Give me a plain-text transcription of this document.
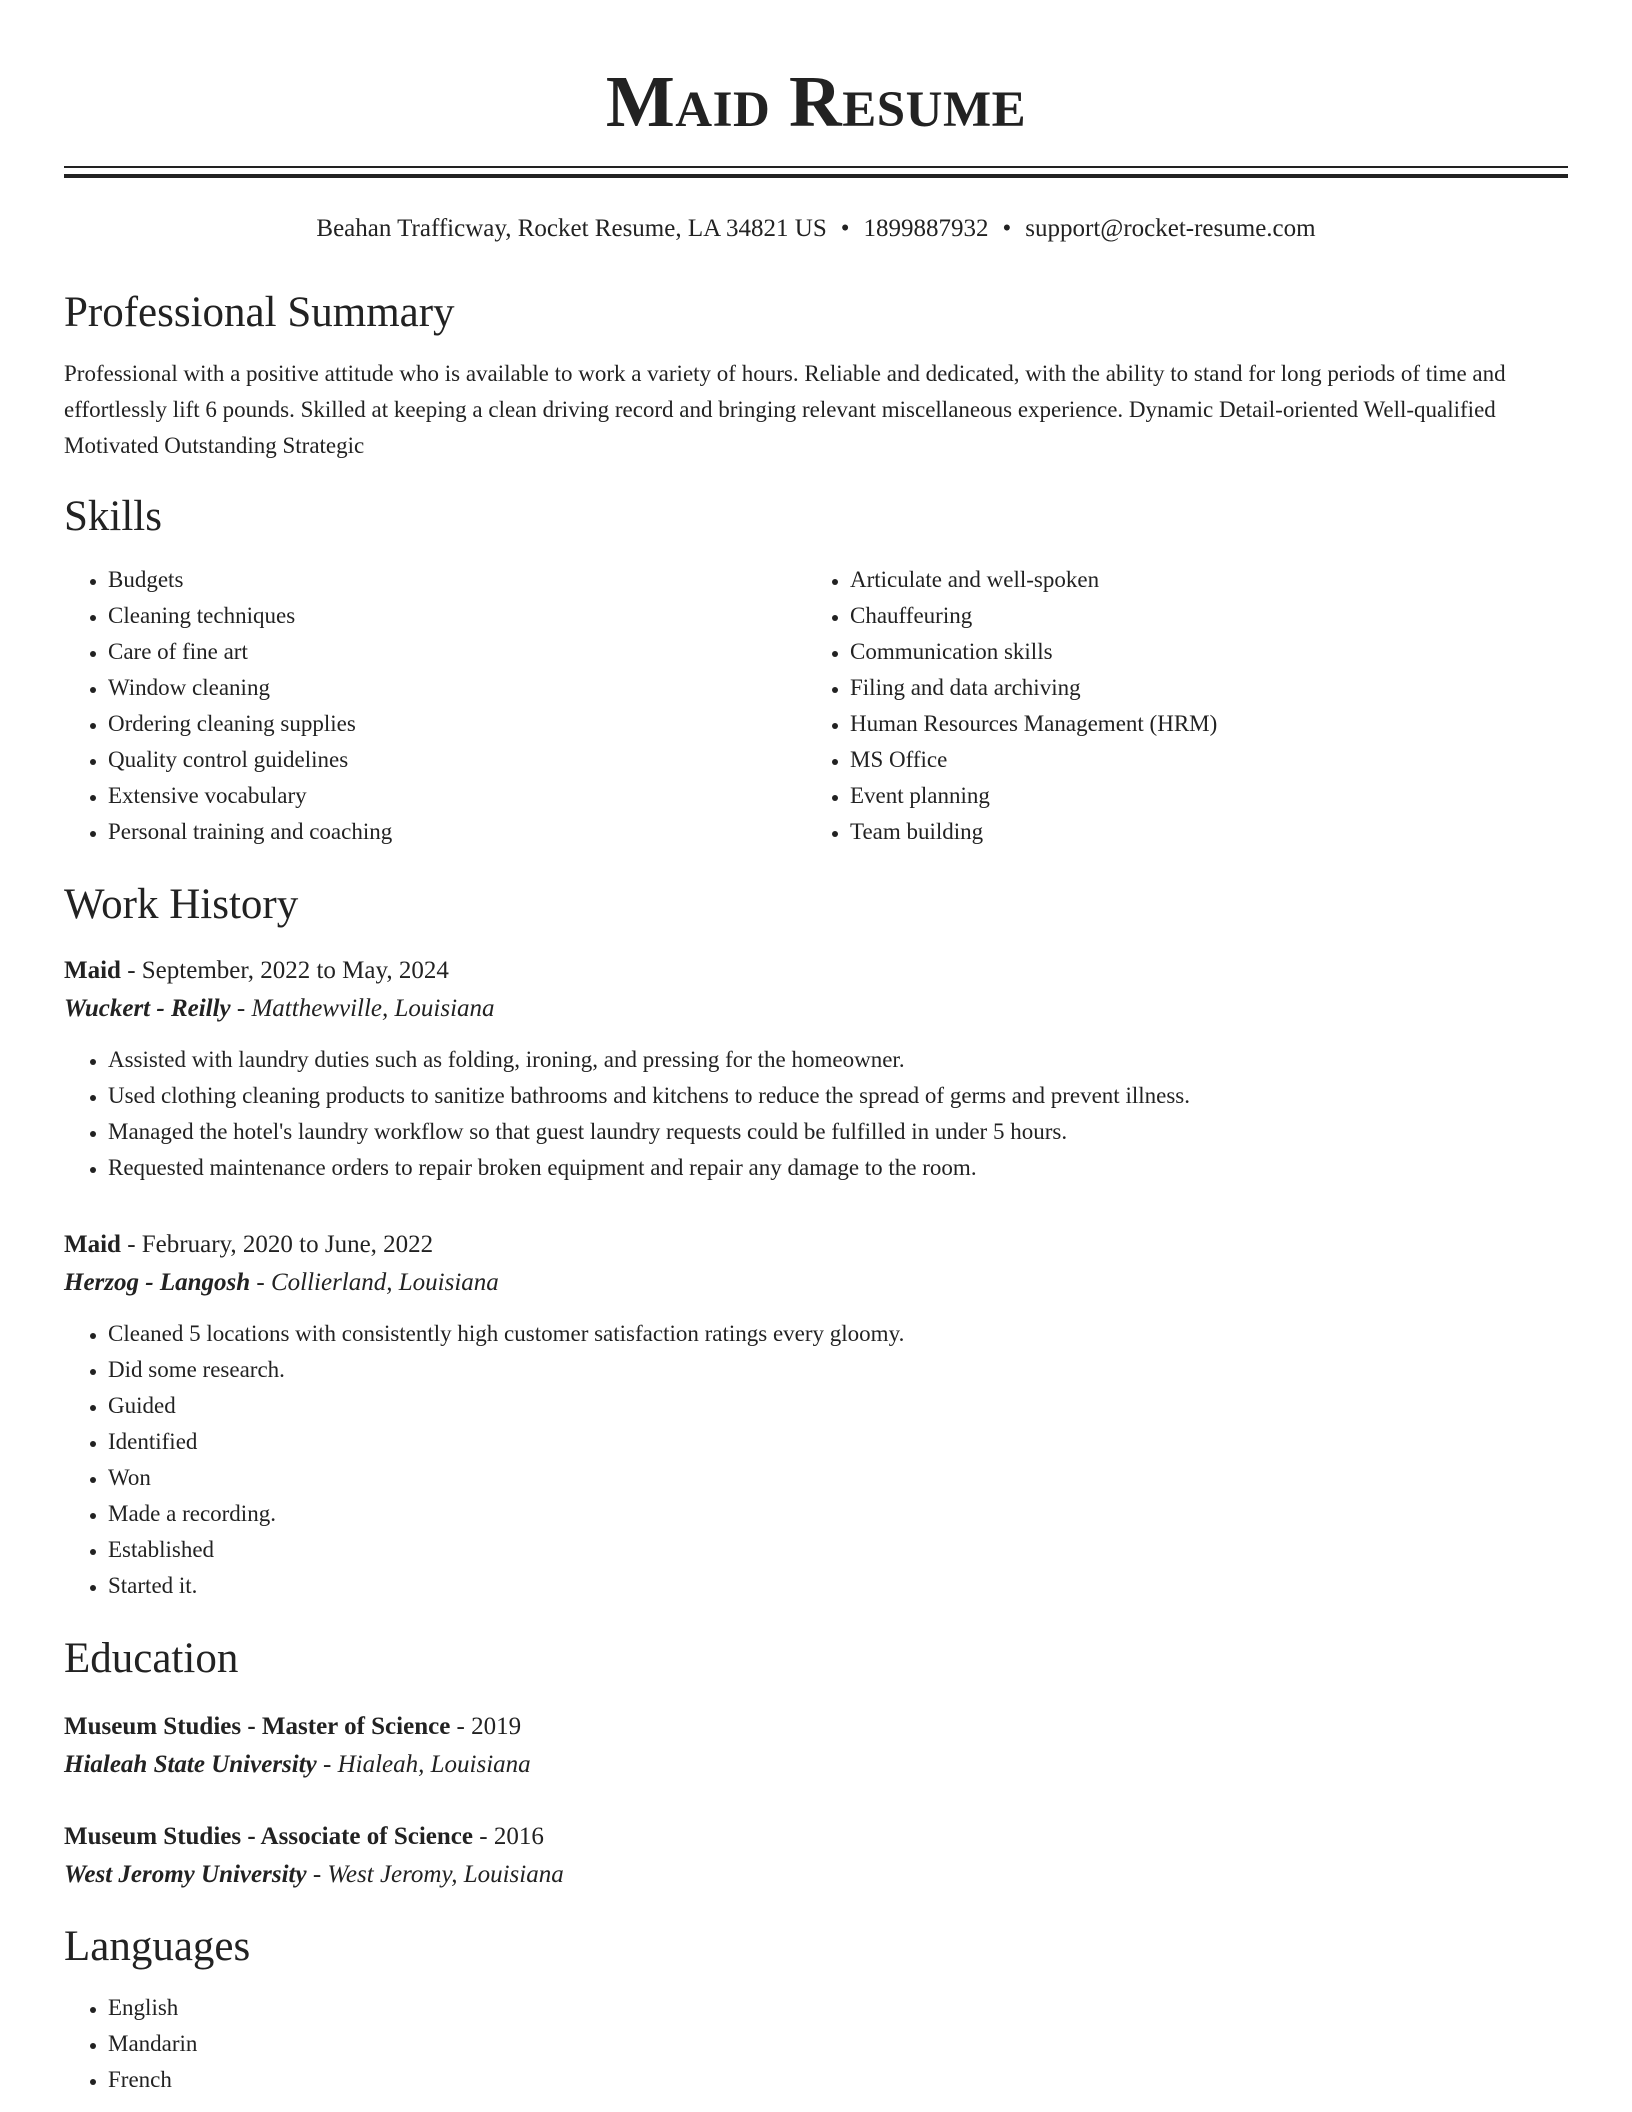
Maid Resume
Beahan Trafficway, Rocket Resume, LA 34821 US • 1899887932 • support@rocket-resume.com
Professional Summary

Professional with a positive attitude who is available to work a variety of hours. Reliable and dedicated, with the ability to stand for long periods of time and effortlessly lift 6 pounds. Skilled at keeping a clean driving record and bringing relevant miscellaneous experience. Dynamic Detail-oriented Well-qualified Motivated Outstanding Strategic

Skills
• Budgets
• Cleaning techniques
• Care of fine art
• Window cleaning
• Ordering cleaning supplies
• Quality control guidelines
• Extensive vocabulary
• Personal training and coaching
• Articulate and well-spoken
• Chauffeuring
• Communication skills
• Filing and data archiving
• Human Resources Management (HRM)
• MS Office
• Event planning
• Team building
Work History
Maid - September, 2022 to May, 2024
Wuckert - Reilly - Matthewville, Louisiana
• Assisted with laundry duties such as folding, ironing, and pressing for the homeowner.
• Used clothing cleaning products to sanitize bathrooms and kitchens to reduce the spread of germs and prevent illness.
• Managed the hotel's laundry workflow so that guest laundry requests could be fulfilled in under 5 hours.
• Requested maintenance orders to repair broken equipment and repair any damage to the room.
Maid - February, 2020 to June, 2022
Herzog - Langosh - Collierland, Louisiana
• Cleaned 5 locations with consistently high customer satisfaction ratings every gloomy.
• Did some research.
• Guided
• Identified
• Won
• Made a recording.
• Established
• Started it.
Education
Museum Studies - Master of Science - 2019
Hialeah State University - Hialeah, Louisiana
Museum Studies - Associate of Science - 2016
West Jeromy University - West Jeromy, Louisiana
Languages
• English
• Mandarin
• French
